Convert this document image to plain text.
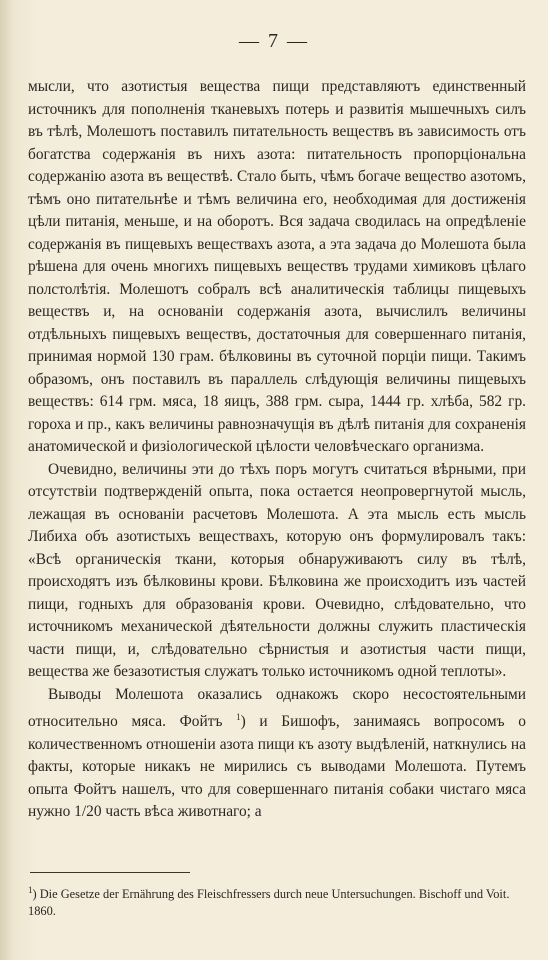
— 7 —

мысли, что азотистыя вещества пищи представляютъ единственный источникъ для пополненія тканевыхъ потерь и развитія мышечныхъ силъ въ тѣлѣ, Молешотъ поставилъ питательность веществъ въ зависимость отъ богатства содержанія въ нихъ азота: питательность пропорціональна содержанію азота въ веществѣ. Стало быть, чѣмъ богаче вещество азотомъ, тѣмъ оно питательнѣе и тѣмъ величина его, необходимая для достиженія цѣли питанія, меньше, и на оборотъ. Вся задача сводилась на опредѣленіе содержанія въ пищевыхъ веществахъ азота, а эта задача до Молешота была рѣшена для очень многихъ пищевыхъ веществъ трудами химиковъ цѣлаго полстолѣтія. Молешотъ собралъ всѣ аналитическія таблицы пищевыхъ веществъ и, на основаніи содержанія азота, вычислилъ величины отдѣльныхъ пищевыхъ веществъ, достаточныя для совершеннаго питанія, принимая нормой 130 грам. бѣлковины въ суточной порціи пищи. Такимъ образомъ, онъ поставилъ въ параллель слѣдующія величины пищевыхъ веществъ: 614 грм. мяса, 18 яицъ, 388 грм. сыра, 1444 гр. хлѣба, 582 гр. гороха и пр., какъ величины равнозначущія въ дѣлѣ питанія для сохраненія анатомической и физіологической цѣлости человѣческаго организма.

Очевидно, величины эти до тѣхъ поръ могутъ считаться вѣрными, при отсутствіи подтвержденій опыта, пока остается неопровергнутой мысль, лежащая въ основаніи расчетовъ Молешота. А эта мысль есть мысль Либиха объ азотистыхъ веществахъ, которую онъ формулировалъ такъ: «Всѣ органическія ткани, которыя обнаруживаютъ силу въ тѣлѣ, происходятъ изъ бѣлковины крови. Бѣлковина же происходитъ изъ частей пищи, годныхъ для образованія крови. Очевидно, слѣдовательно, что источникомъ механической дѣятельности должны служить пластическія части пищи, и, слѣдовательно сѣрнистыя и азотистыя части пищи, вещества же безазотистыя служатъ только источникомъ одной теплоты».

Выводы Молешота оказались однакожъ скоро несостоятельными относительно мяса. Фойтъ $^1$) и Бишофъ, занимаясь вопросомъ о количественномъ отношеніи азота пищи къ азоту выдѣленій, наткнулись на факты, которые никакъ не мирились съ выводами Молешота. Путемъ опыта Фойтъ нашелъ, что для совершеннаго питанія собаки чистаго мяса нужно 1/20 часть вѣса животнаго; а

$^1$) Die Gesetze der Ernährung des Fleischfressers durch neue Untersuchungen. Bischoff und Voit. 1860.
